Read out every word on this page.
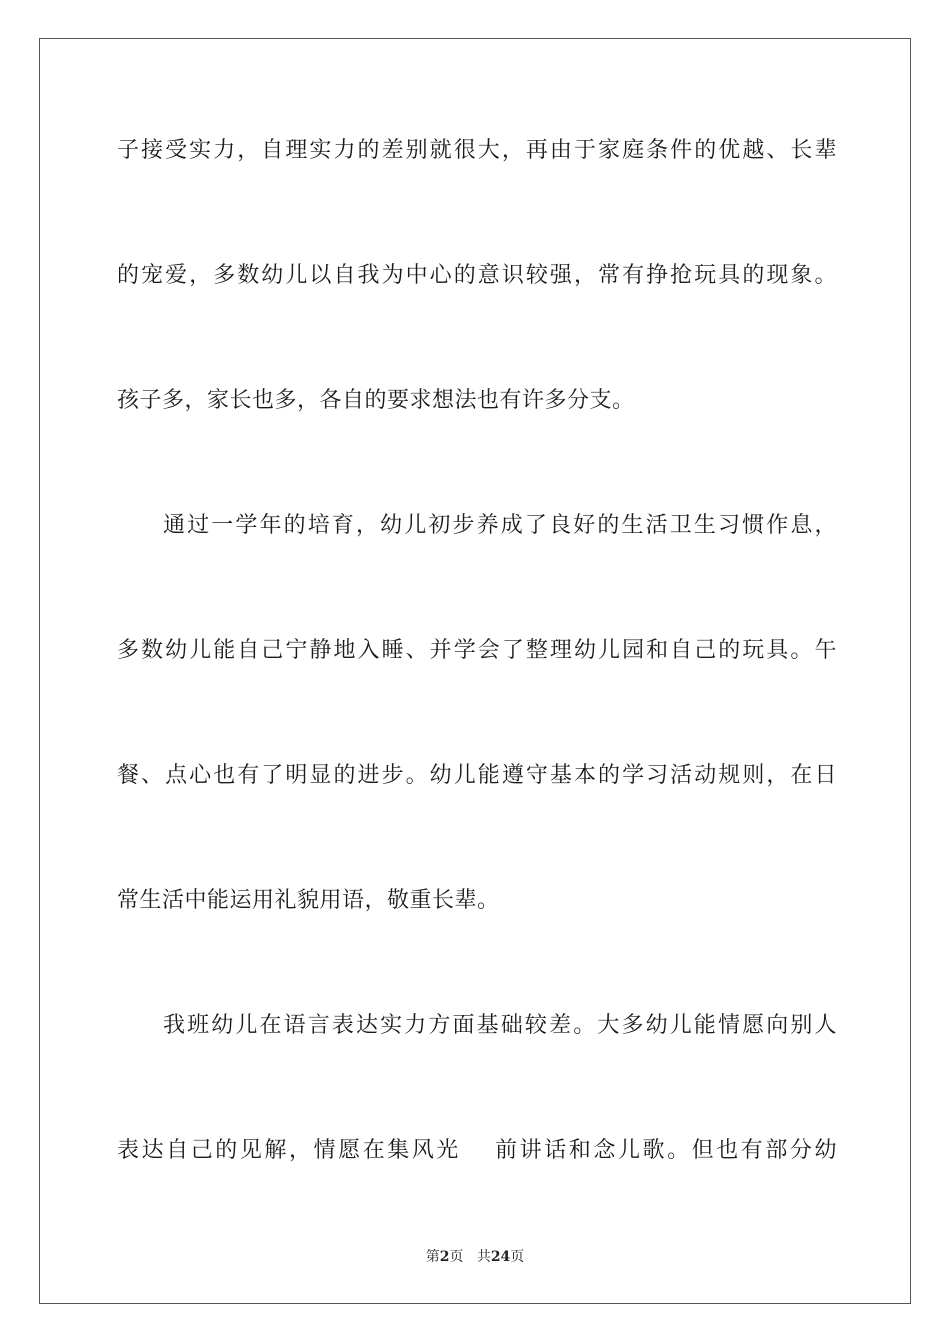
子接受实力，自理实力的差别就很大，再由于家庭条件的优越、长辈
的宠爱，多数幼儿以自我为中心的意识较强，常有挣抢玩具的现象。
孩子多，家长也多，各自的要求想法也有许多分支。
通过一学年的培育，幼儿初步养成了良好的生活卫生习惯作息，
多数幼儿能自己宁静地入睡、并学会了整理幼儿园和自己的玩具。午
餐、点心也有了明显的进步。幼儿能遵守基本的学习活动规则，在日
常生活中能运用礼貌用语，敬重长辈。
我班幼儿在语言表达实力方面基础较差。大多幼儿能情愿向别人
表达自己的见解，情愿在集风光　 前讲话和念儿歌。但也有部分幼
第2页 共24页
